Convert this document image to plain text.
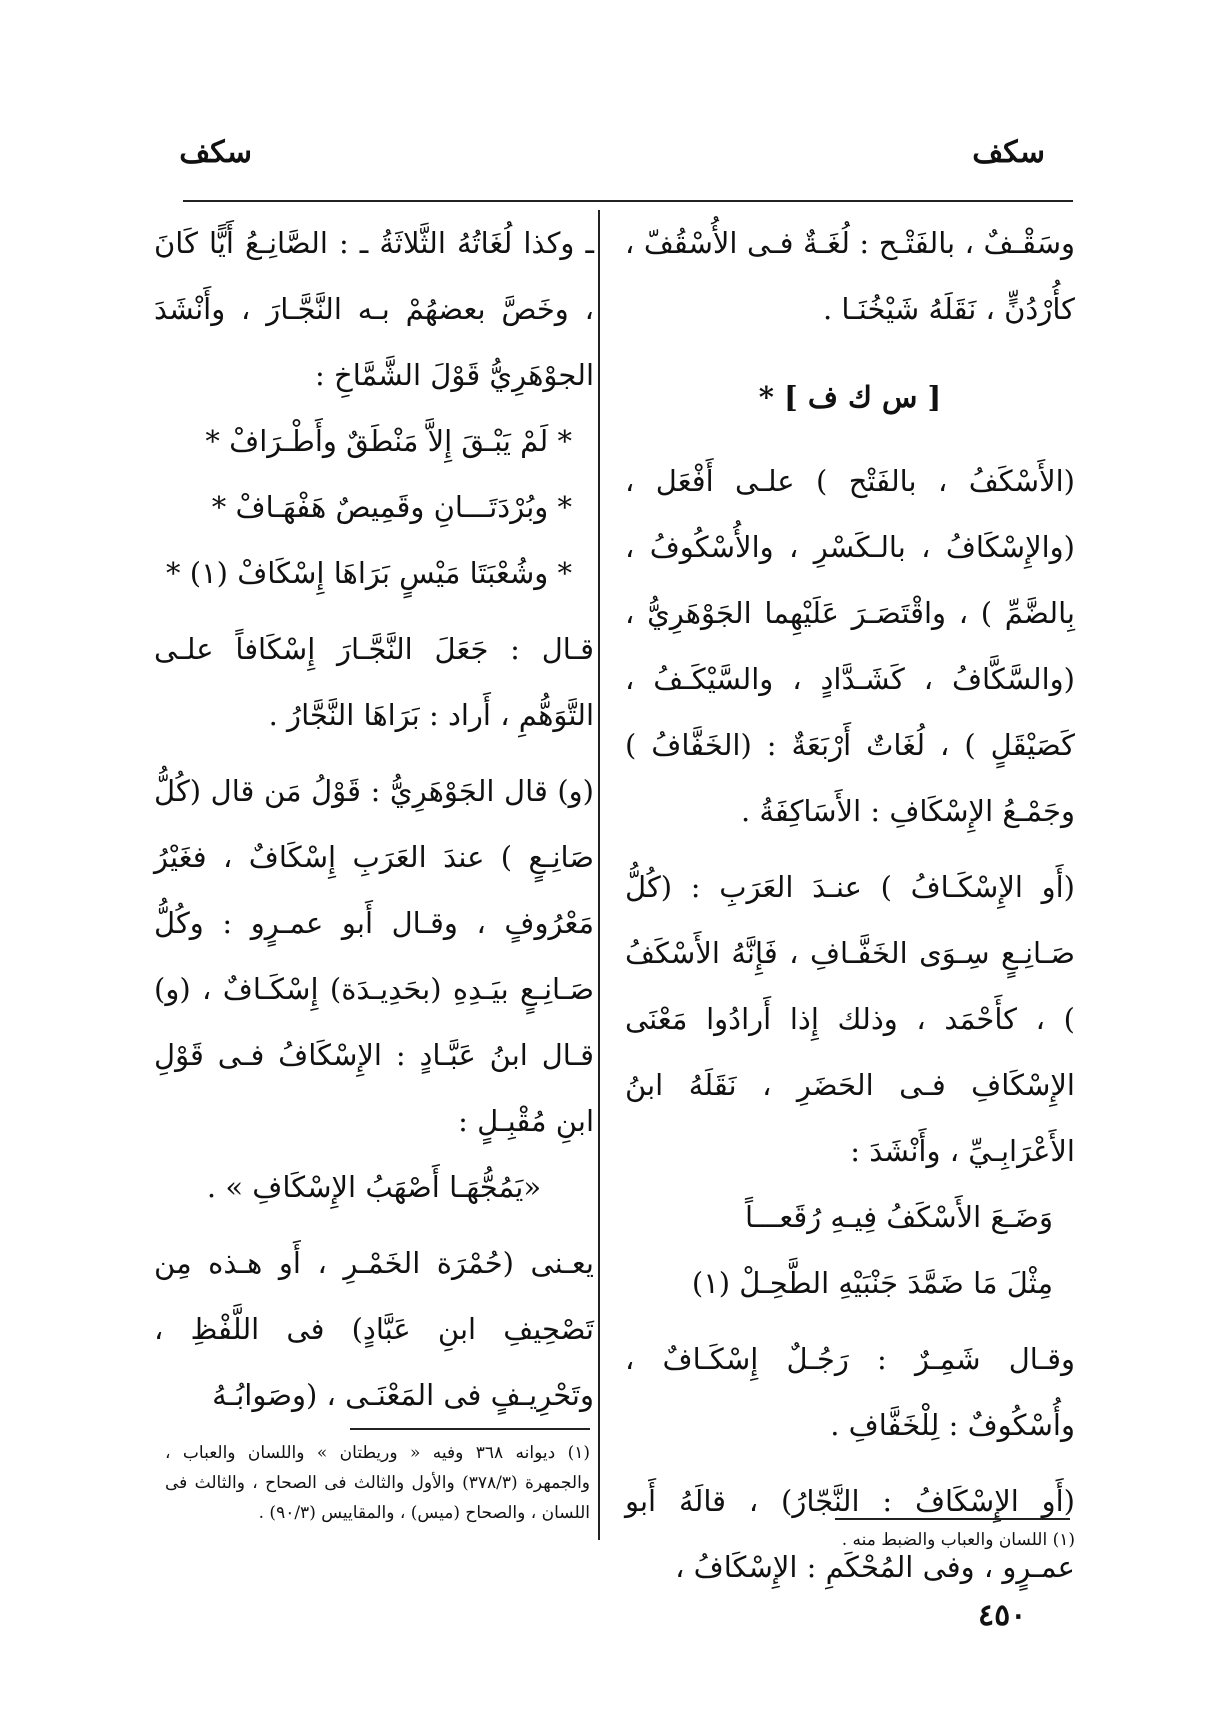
سكف
سكف

وسَقْـفٌ ، بالفَتْـح : لُغَـةٌ فـى الأُسْقُفّ ، كأُرْدُنٍّ ، نَقَلَهُ شَيْخُنَـا .

[ س ك ف ] *

(الأَسْكَفُ ، بالفَتْح ) علـى أَفْعَل ، (والإِسْكَافُ ، بالـكَسْرِ ، والأُسْكُوفُ ، بِالضَّمِّ ) ، واقْتَصَـرَ عَلَيْهِما الجَوْهَرِيُّ ، (والسَّكَّافُ ، كَشَـدَّادٍ ، والسَّيْكَـفُ ، كَصَيْقَلٍ ) ، لُغَاتٌ أَرْبَعَةٌ : (الخَفَّافُ ) وجَمْـعُ الإِسْكَافِ : الأَسَاكِفَةُ .

(أَو الإِسْكَـافُ ) عنـدَ العَرَبِ : (كُلُّ صَـانِـعٍ سِـوَى الخَفَّـافِ ، فَإِنَّهُ الأَسْكَفُ ) ، كأَحْمَد ، وذلك إِذا أَرادُوا مَعْنَى الإِسْكَافِ فـى الحَضَرِ ، نَقَلَهُ ابنُ الأَعْرَابِـيِّ ، وأَنْشَدَ :

وَضَـعَ الأَسْكَفُ فِيـهِ رُقَعـــاً

مِثْلَ مَا ضَمَّدَ جَنْبَيْهِ الطَّحِـلْ (١)

وقـال شَمِـرٌ : رَجُـلٌ إِسْكَـافٌ ، وأُسْكُوفٌ : لِلْخَفَّافِ .

(أَو الإِسْكَافُ : النَّجّارُ) ، قالَهُ أَبو عمـرٍو ، وفى المُحْكَمِ : الإِسْكَافُ ،

ـ وكذا لُغَاتُهُ الثَّلاثَةُ ـ : الصَّانِـعُ أَيًّا كَانَ ، وخَصَّ بعضهُمْ بـه النَّجَّـارَ ، وأَنْشَدَ الجوْهَرِيُّ قَوْلَ الشَّمَّاخِ :

* لَمْ يَبْـقَ إِلاَّ مَنْطَقٌ وأَطْـرَافْ *

* وبُرْدَتَـــانِ وقَمِيصٌ هَفْهَـافْ *

* وشُعْبَتَا مَيْسٍ بَرَاهَا إِسْكَافْ (١) *

قـال : جَعَلَ النَّجَّـارَ إِسْكَافاً علـى التَّوَهُّمِ ، أَراد : بَرَاهَا النَّجَّارُ .

(و) قال الجَوْهَرِيُّ : قَوْلُ مَن قال (كُلُّ صَانِـعٍ ) عندَ العَرَبِ إِسْكَافٌ ، فغَيْرُ مَعْرُوفٍ ، وقـال أَبو عمـرٍو : وكُلُّ صَـانِـعٍ بيَـدِهِ (بحَدِيـدَة) إِسْكَـافٌ ، (و) قـال ابنُ عَبَّـادٍ : الإِسْكَافُ فـى قَوْلِ ابنِ مُقْبِـلٍ :

«يَمُجُّهَـا أَصْهَبُ الإِسْكَافِ » .

يعـنى (حُمْرَة الخَمْـرِ ، أَو هـذه مِن تَصْحِيفِ ابنِ عَبَّادٍ) فى اللَّفْظِ ، وتَحْرِيـفٍ فى المَعْنَـى ، (وصَوابُـهُ

(١) اللسان والعباب والضبط منه .
(١) ديوانه ٣٦٨ وفيه « وريطتان » واللسان والعباب ، والجمهرة (٣٧٨/٣) والأول والثالث فى الصحاح ، والثالث فى اللسان ، والصحاح (ميس) ، والمقاييس (٩٠/٣) .
٤٥٠
